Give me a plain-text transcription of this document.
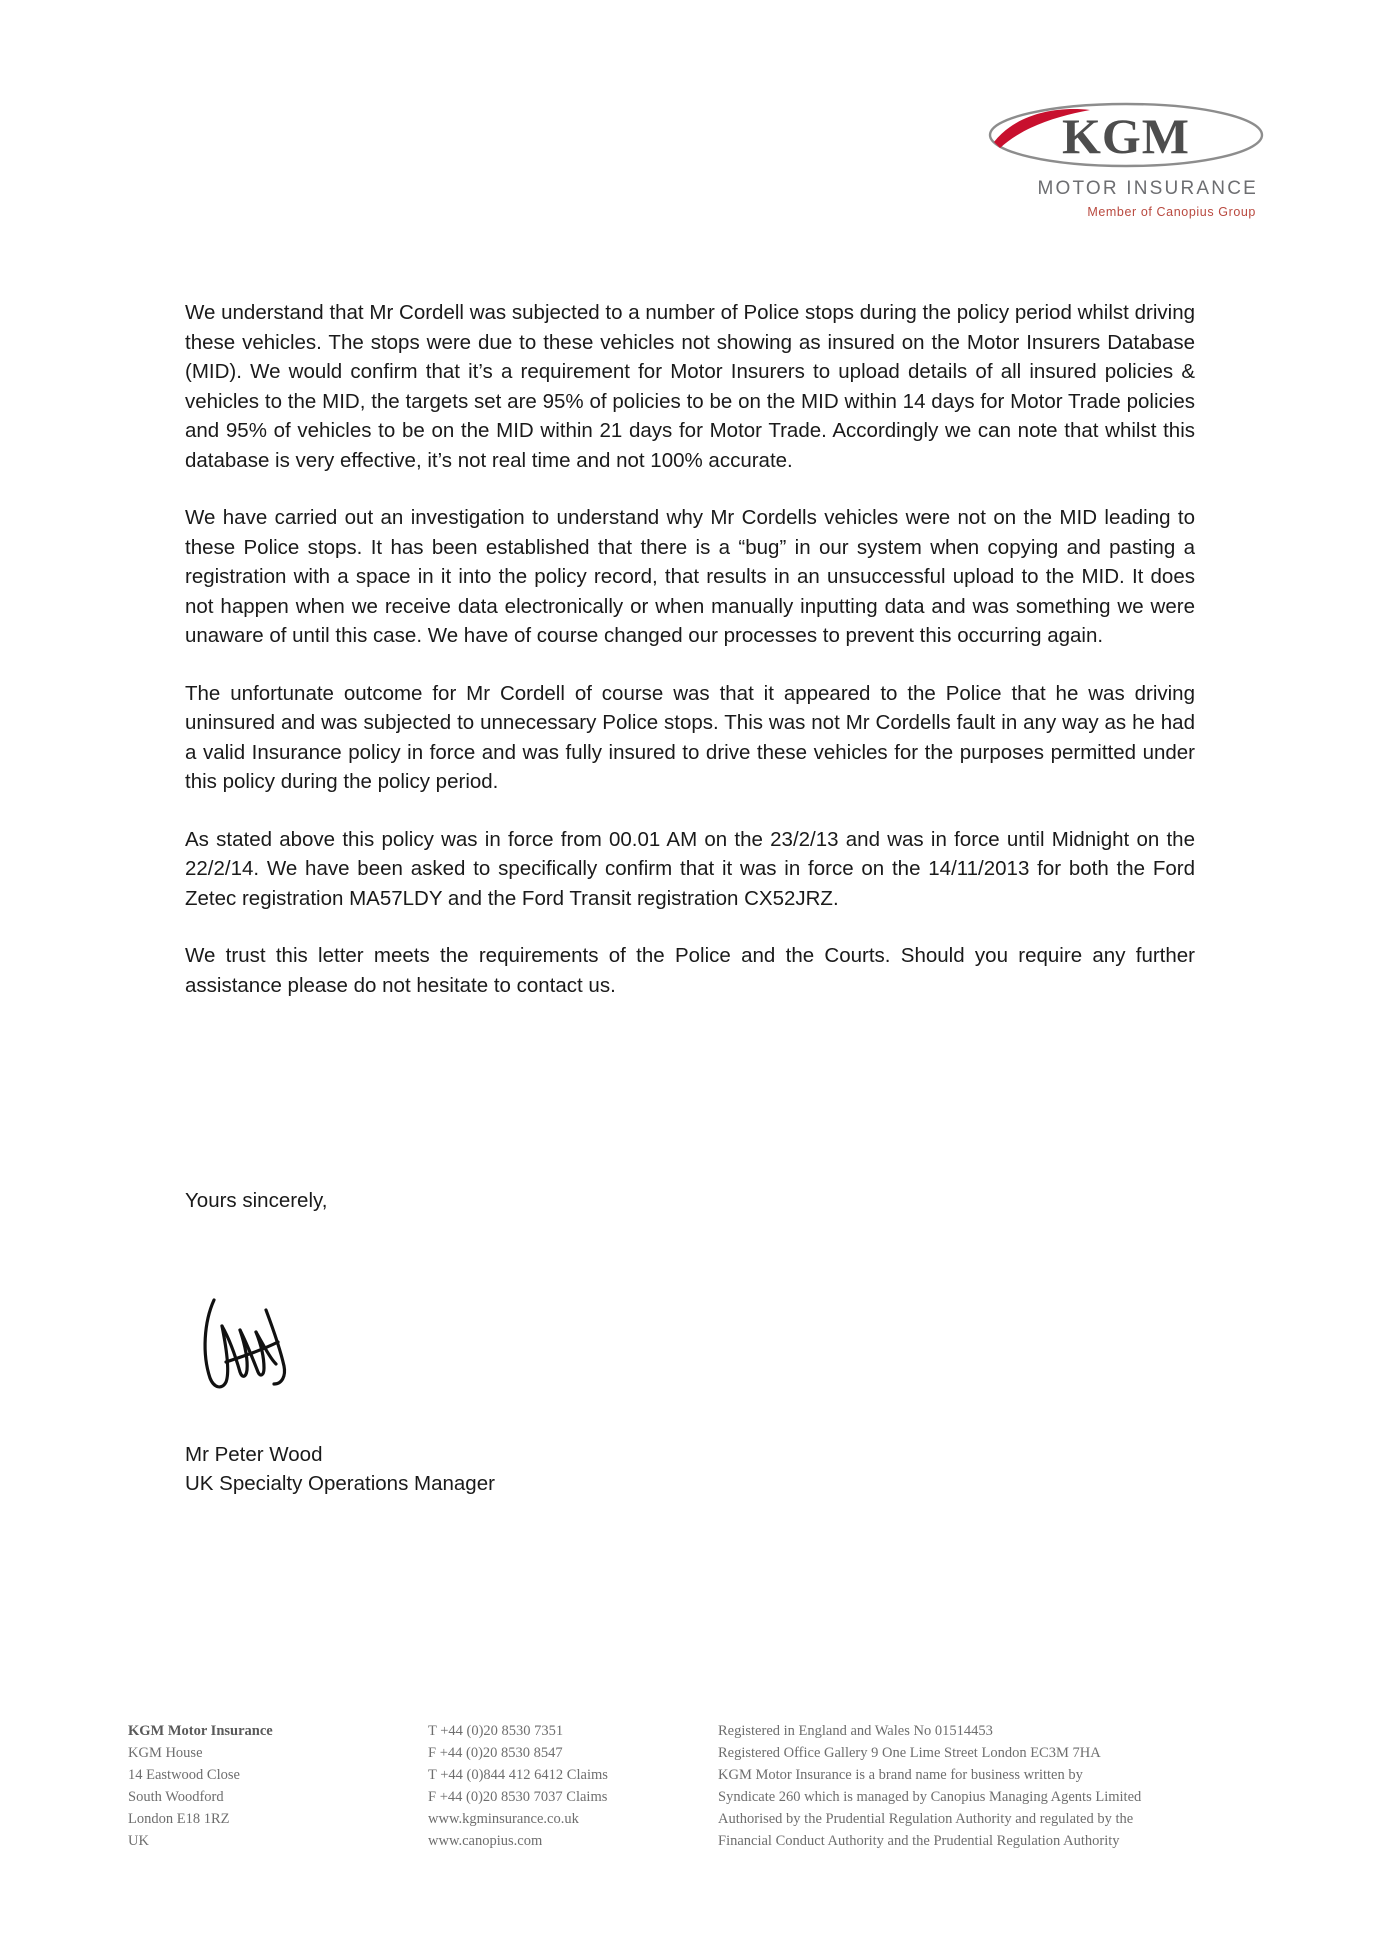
KGM
MOTOR INSURANCE
Member of Canopius Group

We understand that Mr Cordell was subjected to a number of Police stops during the policy period whilst driving these vehicles. The stops were due to these vehicles not showing as insured on the Motor Insurers Database (MID). We would confirm that it’s a requirement for Motor Insurers to upload details of all insured policies & vehicles to the MID, the targets set are 95% of policies to be on the MID within 14 days for Motor Trade policies and 95% of vehicles to be on the MID within 21 days for Motor Trade. Accordingly we can note that whilst this database is very effective, it’s not real time and not 100% accurate.

We have carried out an investigation to understand why Mr Cordells vehicles were not on the MID leading to these Police stops. It has been established that there is a “bug” in our system when copying and pasting a registration with a space in it into the policy record, that results in an unsuccessful upload to the MID. It does not happen when we receive data electronically or when manually inputting data and was something we were unaware of until this case. We have of course changed our processes to prevent this occurring again.

The unfortunate outcome for Mr Cordell of course was that it appeared to the Police that he was driving uninsured and was subjected to unnecessary Police stops. This was not Mr Cordells fault in any way as he had a valid Insurance policy in force and was fully insured to drive these vehicles for the purposes permitted under this policy during the policy period.

As stated above this policy was in force from 00.01 AM on the 23/2/13 and was in force until Midnight on the 22/2/14. We have been asked to specifically confirm that it was in force on the 14/11/2013 for both the Ford Zetec registration MA57LDY and the Ford Transit registration CX52JRZ.

We trust this letter meets the requirements of the Police and the Courts. Should you require any further assistance please do not hesitate to contact us.

Yours sincerely,
Mr Peter Wood
UK Specialty Operations Manager
KGM Motor Insurance
KGM House
14 Eastwood Close
South Woodford
London E18 1RZ
UK
T +44 (0)20 8530 7351
F +44 (0)20 8530 8547
T +44 (0)844 412 6412 Claims
F +44 (0)20 8530 7037 Claims
www.kgminsurance.co.uk
www.canopius.com
Registered in England and Wales No 01514453
Registered Office Gallery 9 One Lime Street London EC3M 7HA
KGM Motor Insurance is a brand name for business written by
Syndicate 260 which is managed by Canopius Managing Agents Limited
Authorised by the Prudential Regulation Authority and regulated by the
Financial Conduct Authority and the Prudential Regulation Authority
